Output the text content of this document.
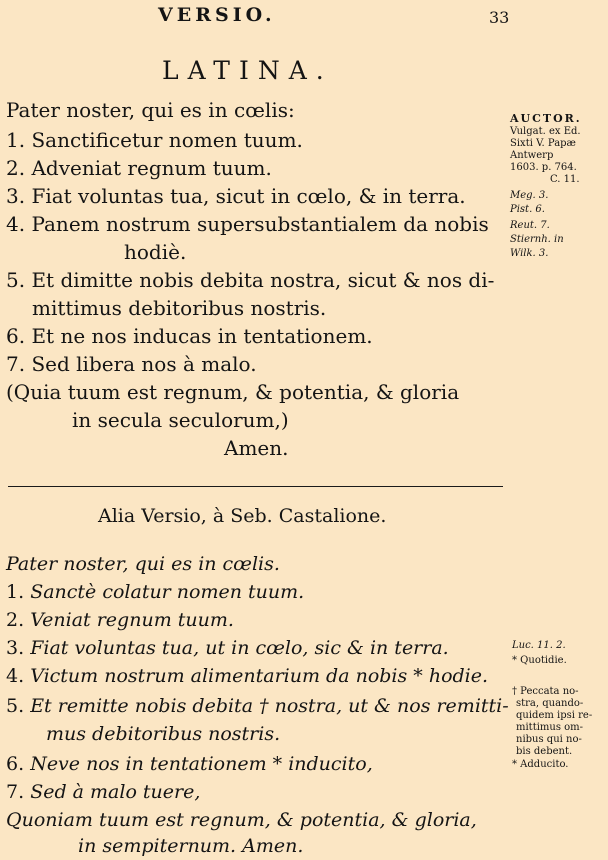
VERSIO.	33
LATINA.
Pater noster, qui es in cœlis:
1. Sanctificetur nomen tuum.
2. Adveniat regnum tuum.
3. Fiat voluntas tua, sicut in cœlo, & in terra.
4. Panem nostrum supersubstantialem da nobis
hodiè.
5. Et dimitte nobis debita nostra, sicut & nos di-
mittimus debitoribus nostris.
6. Et ne nos inducas in tentationem.
7. Sed libera nos à malo.
(Quia tuum est regnum, & potentia, & gloria
in secula seculorum,)
Amen.
AUCTOR.
Vulgat. ex Ed.
Sixti V. Papæ
Antwerp
1603. p. 764.
C. 11.
Meg. 3.
Pist. 6.
Reut. 7.
Stiernh. in
Wilk. 3.
Alia Versio, à Seb. Castalione.
Pater noster, qui es in cœlis.
1. Sanctè colatur nomen tuum.
2. Veniat regnum tuum.
3. Fiat voluntas tua, ut in cœlo, sic & in terra.
4. Victum nostrum alimentarium da nobis * hodie.
5. Et remitte nobis debita † nostra, ut & nos remitti-
mus debitoribus nostris.
6. Neve nos in tentationem * inducito,
7. Sed à malo tuere,
Quoniam tuum est regnum, & potentia, & gloria,
in sempiternum. Amen.
Luc. 11. 2.
* Quotidie.
† Peccata no-
stra, quando-
quidem ipsi re-
mittimus om-
nibus qui no-
bis debent.
* Adducito.
